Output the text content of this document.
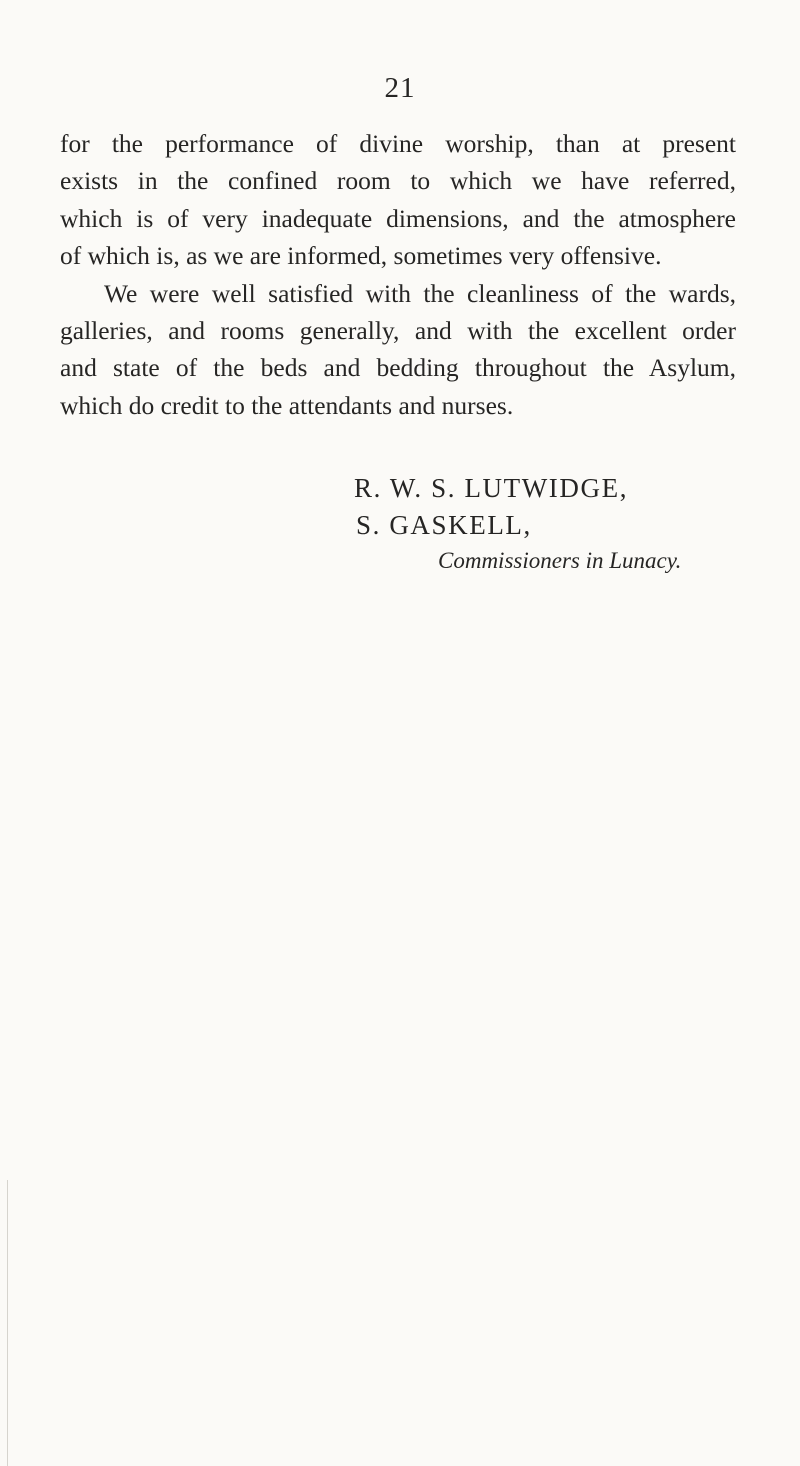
21
for the performance of divine worship, than at present
exists in the confined room to which we have referred,
which is of very inadequate dimensions, and the atmosphere
of which is, as we are informed, sometimes very offensive.
We were well satisfied with the cleanliness of the wards,
galleries, and rooms generally, and with the excellent order
and state of the beds and bedding throughout the Asylum,
which do credit to the attendants and nurses.
R. W. S. LUTWIDGE,
S. GASKELL,
Commissioners in Lunacy.
